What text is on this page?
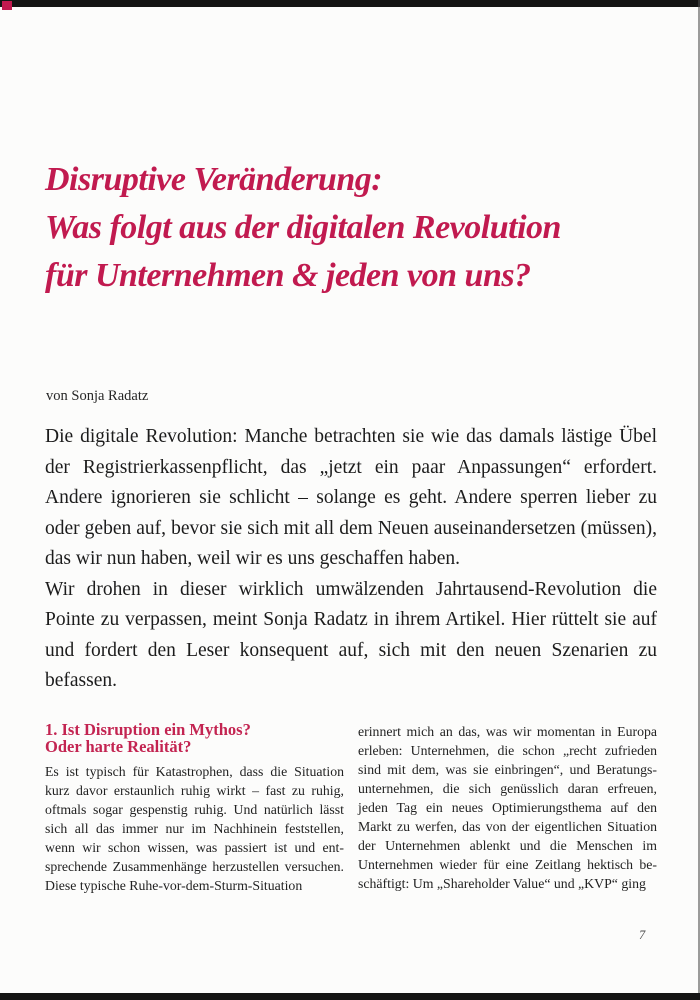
Disruptive Veränderung:
Was folgt aus der digitalen Revolution
für Unternehmen & jeden von uns?
von Sonja Radatz

Die digitale Revolution: Manche betrachten sie wie das damals lästige Übel der Registrierkassenpflicht, das „jetzt ein paar Anpassungen“ erfordert. Andere ignorieren sie schlicht – solange es geht. Andere sperren lieber zu oder geben auf, bevor sie sich mit all dem Neuen auseinandersetzen (müssen), das wir nun haben, weil wir es uns geschaffen haben.

Wir drohen in dieser wirklich umwälzenden Jahrtausend-Revolution die Pointe zu verpassen, meint Sonja Radatz in ihrem Artikel. Hier rüttelt sie auf und fordert den Leser konsequent auf, sich mit den neuen Szenarien zu befassen.

1. Ist Disruption ein Mythos?
Oder harte Realität?

Es ist typisch für Katastrophen, dass die Situation kurz davor erstaunlich ruhig wirkt – fast zu ruhig, oftmals sogar gespenstig ruhig. Und natürlich lässt sich all das immer nur im Nachhinein feststellen, wenn wir schon wissen, was passiert ist und entsprechende Zusammenhänge herzustellen versuchen. Diese typische Ruhe-vor-dem-Sturm-Situation

erinnert mich an das, was wir momentan in Europa erleben: Unternehmen, die schon „recht zufrieden sind mit dem, was sie einbringen“, und Beratungsunternehmen, die sich genüsslich daran erfreuen, jeden Tag ein neues Optimierungsthema auf den Markt zu werfen, das von der eigentlichen Situation der Unternehmen ablenkt und die Menschen im Unternehmen wieder für eine Zeitlang hektisch beschäftigt: Um „Shareholder Value“ und „KVP“ ging

7
